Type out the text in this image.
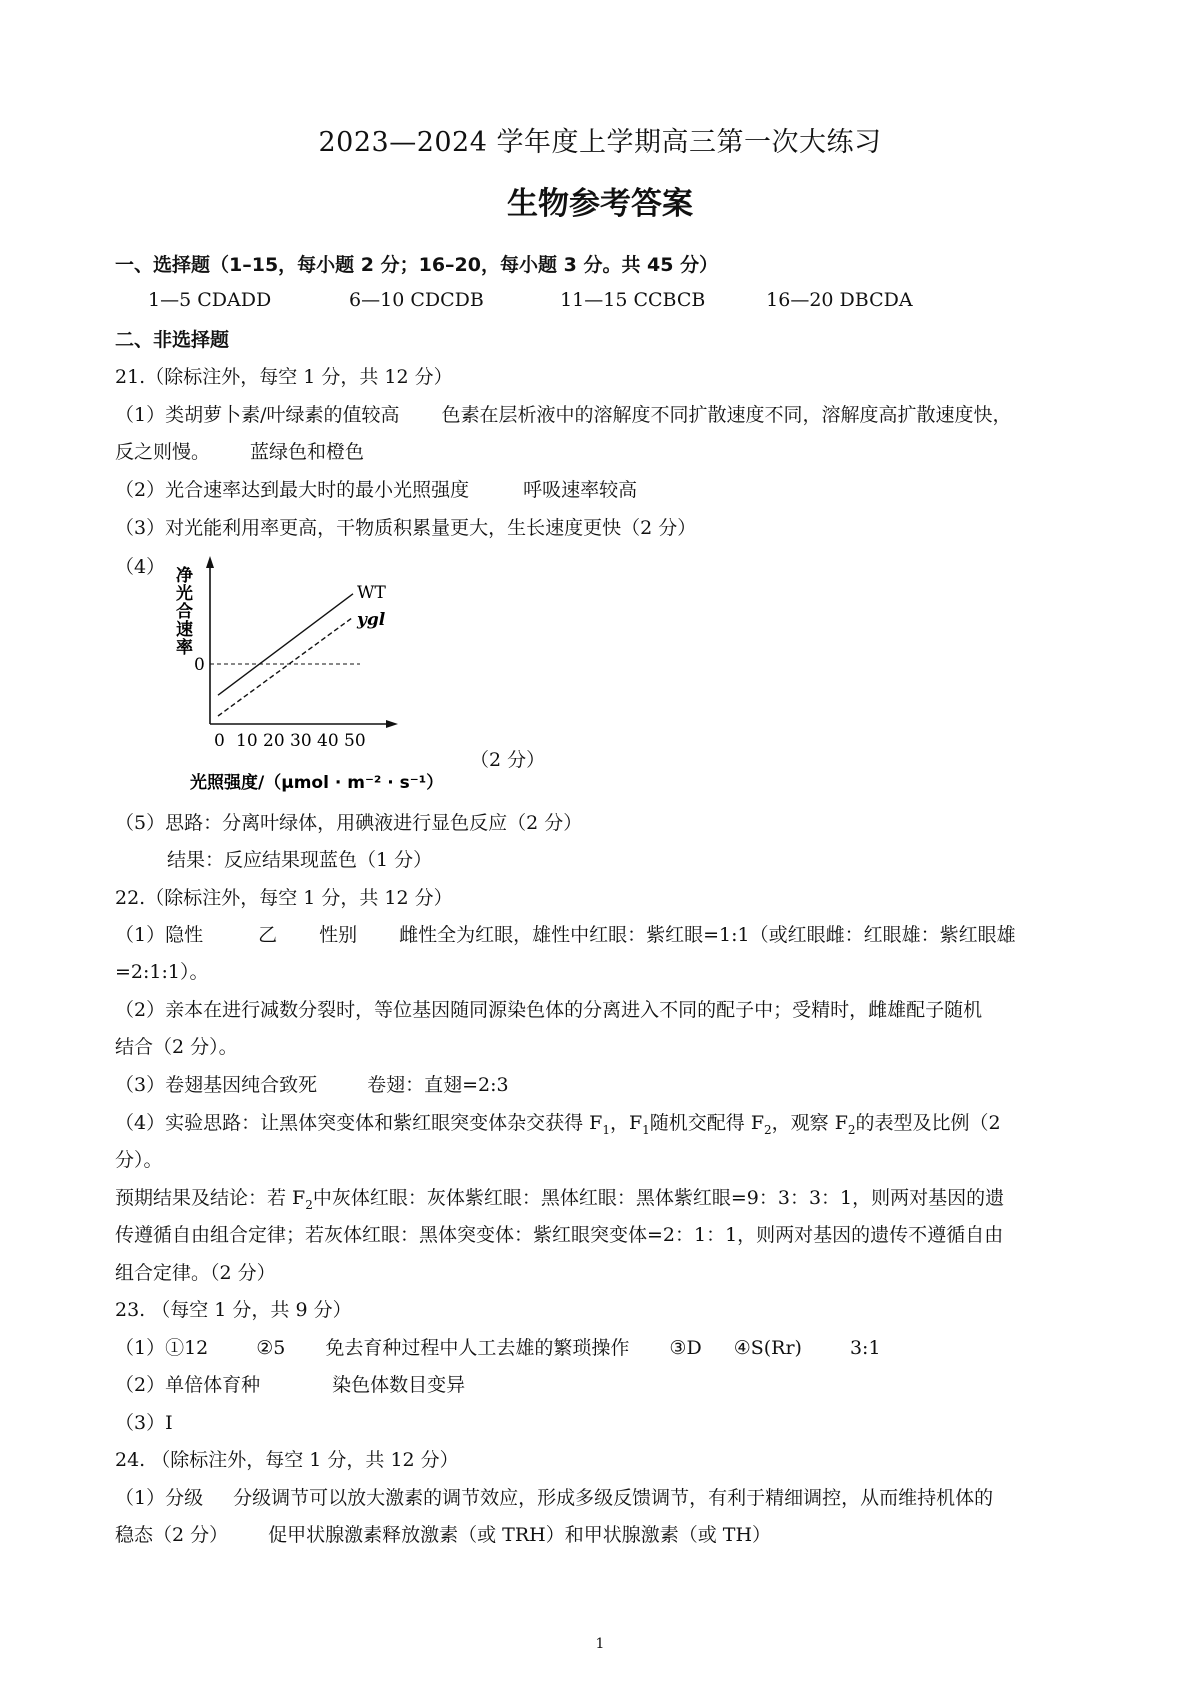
2023—2024 学年度上学期高三第一次大练习
生物参考答案
一、选择题（1–15，每小题 2 分；16–20，每小题 3 分。共 45 分）
1—5 CDADD	6—10 CDCDB	11—15 CCBCB	16—20 DBCDA
二、非选择题
21.（除标注外，每空 1 分，共 12 分）
（1）类胡萝卜素/叶绿素的值较高 色素在层析液中的溶解度不同扩散速度不同，溶解度高扩散速度快，
反之则慢。 蓝绿色和橙色
（2）光合速率达到最大时的最小光照强度	呼吸速率较高
（3）对光能利用率更高，干物质积累量更大，生长速度更快（2 分）
（4） 净光合速率
0
0 10 20 30 40 50
光照强度/（μmol · m⁻² · s⁻¹）
WT
ygl
（2 分）
（5）思路：分离叶绿体，用碘液进行显色反应（2 分）
结果：反应结果现蓝色（1 分）
22.（除标注外，每空 1 分，共 12 分）
（1）隐性	乙 性别 雌性全为红眼，雄性中红眼：紫红眼=1:1（或红眼雌：红眼雄：紫红眼雄
=2:1:1）。
（2）亲本在进行减数分裂时，等位基因随同源染色体的分离进入不同的配子中；受精时，雌雄配子随机
结合（2 分）。
（3）卷翅基因纯合致死	卷翅：直翅=2:3
（4）实验思路：让黑体突变体和紫红眼突变体杂交获得 $F_1$，$F_1$随机交配得 $F_2$，观察 $F_2$的表型及比例（2
分）。
预期结果及结论：若 $F_2$中灰体红眼：灰体紫红眼：黑体红眼：黑体紫红眼=9：3：3：1，则两对基因的遗
传遵循自由组合定律；若灰体红眼：黑体突变体：紫红眼突变体=2：1：1，则两对基因的遗传不遵循自由
组合定律。（2 分）
23. （每空 1 分，共 9 分）
（1）①12	②5 免去育种过程中人工去雄的繁琐操作 ③D ④S(Rr)	3:1
（2）单倍体育种	染色体数目变异
（3）Ⅰ
24. （除标注外，每空 1 分，共 12 分）
（1）分级 分级调节可以放大激素的调节效应，形成多级反馈调节，有利于精细调控，从而维持机体的
稳态（2 分） 促甲状腺激素释放激素（或 TRH）和甲状腺激素（或 TH）
1
